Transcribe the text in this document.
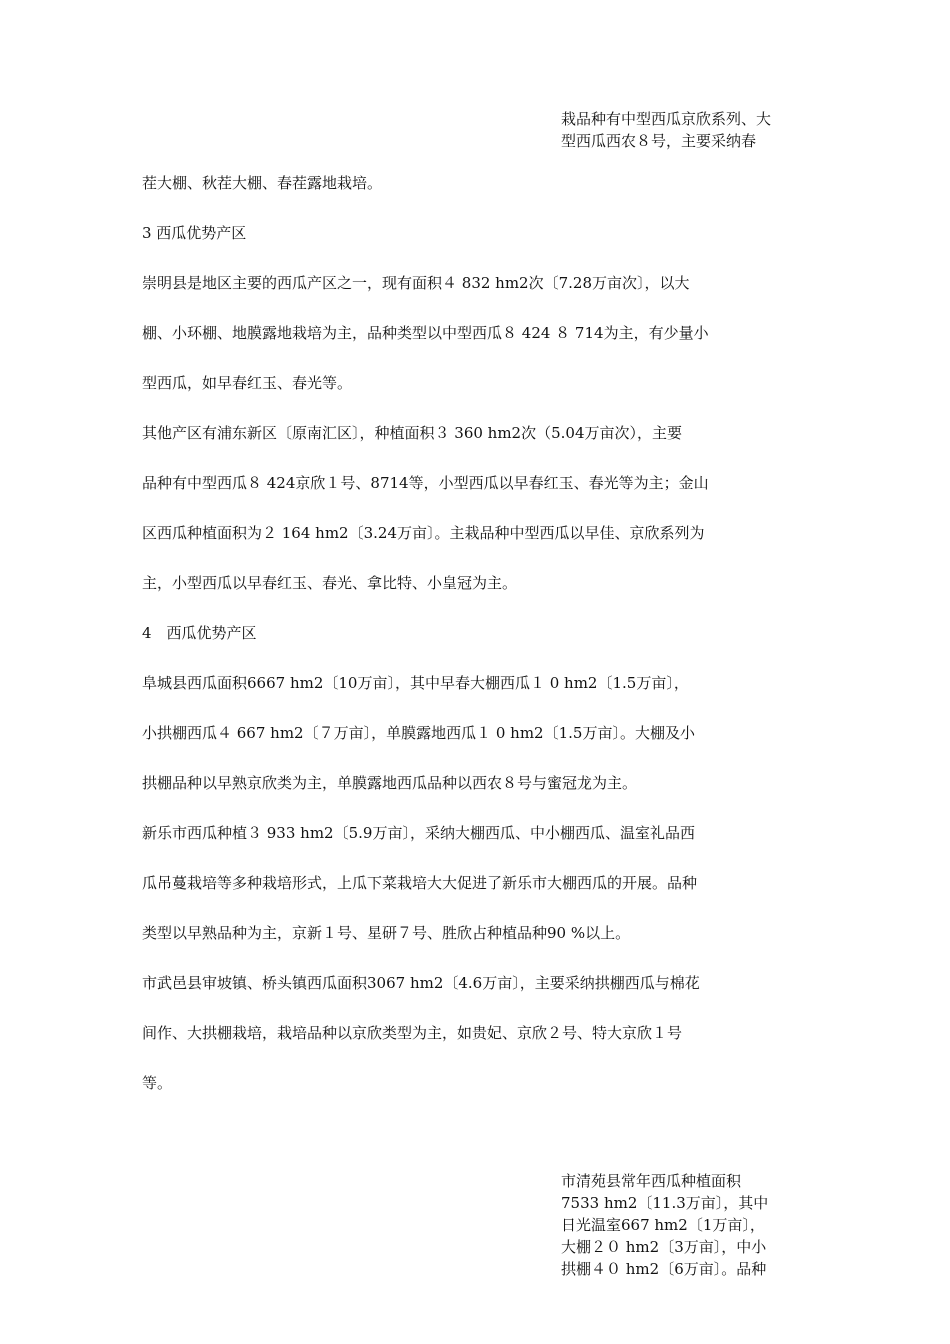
栽品种有中型西瓜京欣系列、大
型西瓜西农８号，主要采纳春
茬大棚、秋茬大棚、春茬露地栽培。
3 西瓜优势产区
崇明县是地区主要的西瓜产区之一，现有面积４ 832 hm2次〔7.28万亩次〕，以大
棚、小环棚、地膜露地栽培为主，品种类型以中型西瓜８ 424 ８ 714为主，有少量小
型西瓜，如早春红玉、春光等。
其他产区有浦东新区〔原南汇区〕，种植面积３ 360 hm2次（5.04万亩次），主要
品种有中型西瓜８ 424京欣１号、8714等，小型西瓜以早春红玉、春光等为主；金山
区西瓜种植面积为２ 164 hm2〔3.24万亩〕。主栽品种中型西瓜以早佳、京欣系列为
主，小型西瓜以早春红玉、春光、拿比特、小皇冠为主。
4　西瓜优势产区
阜城县西瓜面积6667 hm2〔10万亩〕，其中早春大棚西瓜１ 0 hm2〔1.5万亩〕，
小拱棚西瓜４ 667 hm2〔７万亩〕，单膜露地西瓜１ 0 hm2〔1.5万亩〕。大棚及小
拱棚品种以早熟京欣类为主，单膜露地西瓜品种以西农８号与蜜冠龙为主。
新乐市西瓜种植３ 933 hm2〔5.9万亩〕，采纳大棚西瓜、中小棚西瓜、温室礼品西
瓜吊蔓栽培等多种栽培形式，上瓜下菜栽培大大促进了新乐市大棚西瓜的开展。品种
类型以早熟品种为主，京新１号、星研７号、胜欣占种植品种90 %以上。
市武邑县审坡镇、桥头镇西瓜面积3067 hm2〔4.6万亩〕，主要采纳拱棚西瓜与棉花
间作、大拱棚栽培，栽培品种以京欣类型为主，如贵妃、京欣２号、特大京欣１号
等。
市清苑县常年西瓜种植面积
7533 hm2〔11.3万亩〕，其中
日光温室667 hm2〔1万亩〕，
大棚２０ hm2〔3万亩〕，中小
拱棚４０ hm2〔6万亩〕。品种
